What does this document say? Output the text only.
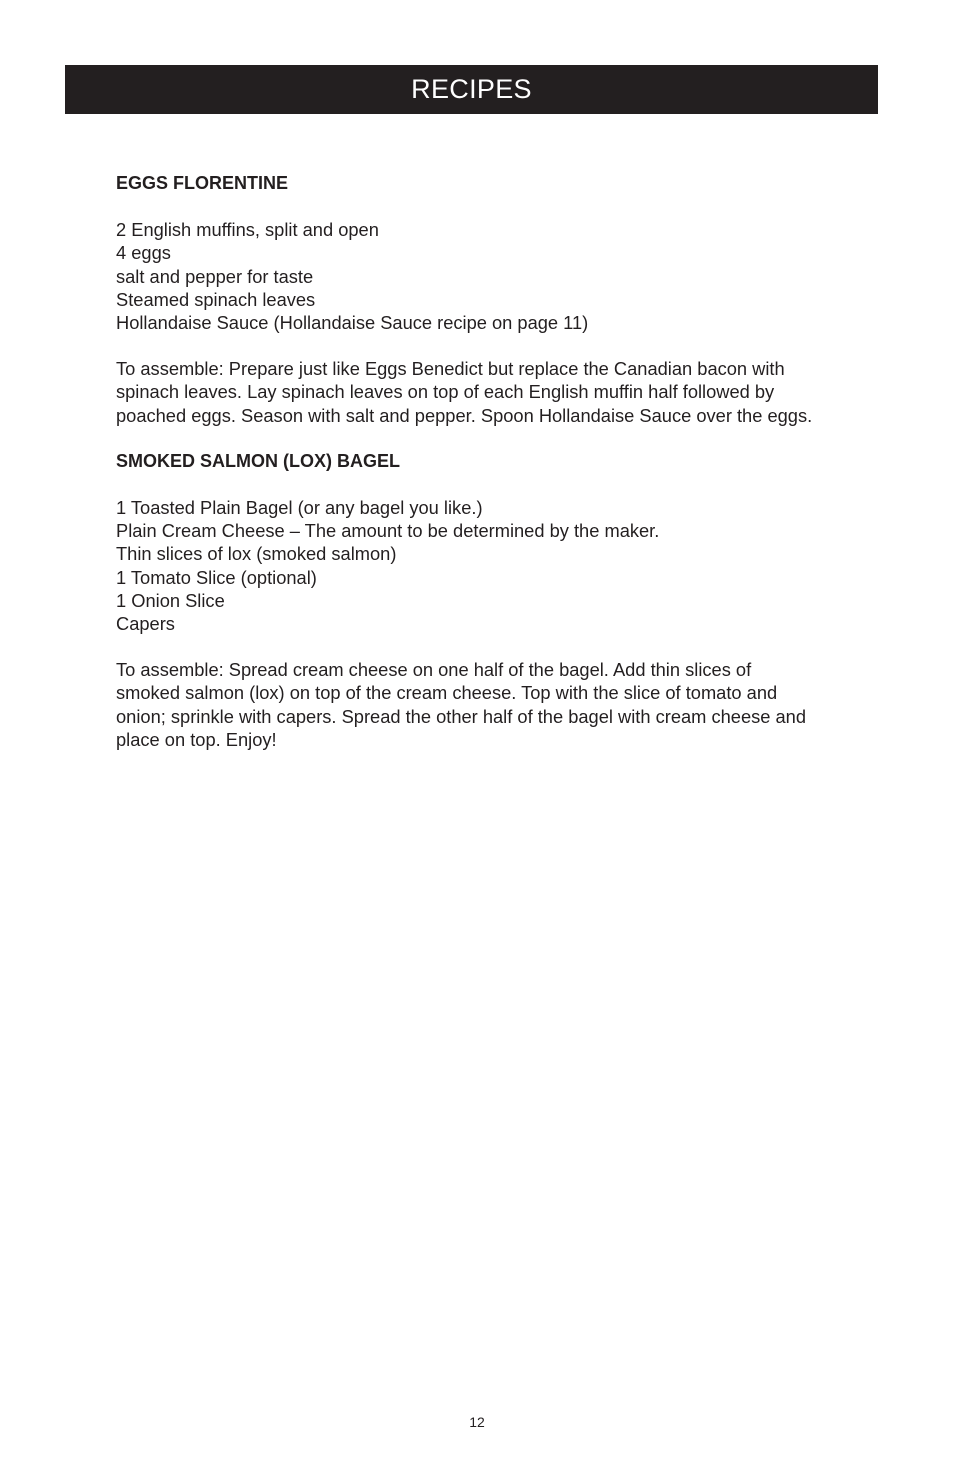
RECIPES
EGGS FLORENTINE
2 English muffins, split and open
4 eggs
salt and pepper for taste
Steamed spinach leaves
Hollandaise Sauce (Hollandaise Sauce recipe on page 11)

To assemble: Prepare just like Eggs Benedict but replace the Canadian bacon with spinach leaves. Lay spinach leaves on top of each English muffin half followed by poached eggs. Season with salt and pepper. Spoon Hollandaise Sauce over the eggs.

SMOKED SALMON (LOX) BAGEL
1 Toasted Plain Bagel (or any bagel you like.)
Plain Cream Cheese – The amount to be determined by the maker.
Thin slices of lox (smoked salmon)
1 Tomato Slice (optional)
1 Onion Slice
Capers

To assemble: Spread cream cheese on one half of the bagel. Add thin slices of smoked salmon (lox) on top of the cream cheese. Top with the slice of tomato and onion; sprinkle with capers. Spread the other half of the bagel with cream cheese and place on top. Enjoy!

12
